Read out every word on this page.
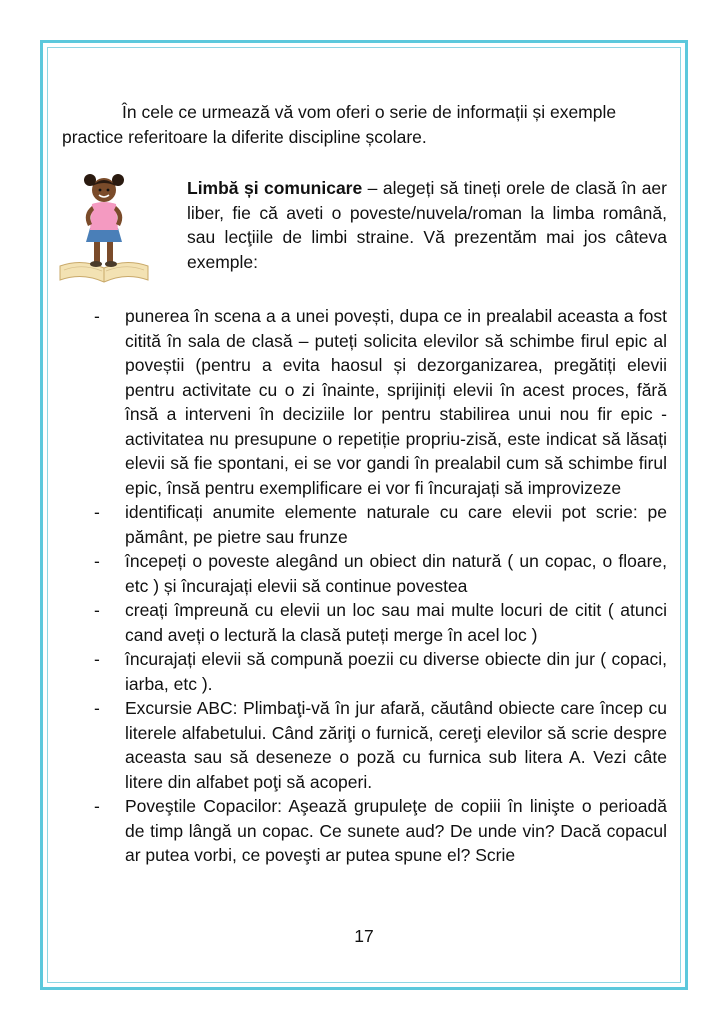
În cele ce urmează vă vom oferi o serie de informații și exemple
practice referitoare la diferite discipline școlare.
Limbă și comunicare – alegeți să tineți orele de clasă în aer liber, fie că aveti o poveste/nuvela/roman la limba română, sau lecţiile de limbi straine. Vă prezentăm mai jos câteva exemple:
- punerea în scena a a unei povești, dupa ce in prealabil aceasta a fost citită în sala de clasă – puteți solicita elevilor să schimbe firul epic al poveștii (pentru a evita haosul și dezorganizarea, pregătiți elevii pentru activitate cu o zi înainte, sprijiniți elevii în acest proces, fără însă a interveni în deciziile lor pentru stabilirea unui nou fir epic - activitatea nu presupune o repetiție propriu-zisă, este indicat să lăsați elevii să fie spontani, ei se vor gandi în prealabil cum să schimbe firul epic, însă pentru exemplificare ei vor fi încurajați să improvizeze
- identificați anumite elemente naturale cu care elevii pot scrie: pe pământ, pe pietre sau frunze
- începeți o poveste alegând un obiect din natură ( un copac, o floare, etc ) și încurajați elevii să continue povestea
- creați împreună cu elevii un loc sau mai multe locuri de citit ( atunci cand aveți o lectură la clasă puteți merge în acel loc )
- încurajați elevii să compună poezii cu diverse obiecte din jur ( copaci, iarba, etc ).
- Excursie ABC: Plimbaţi-vă în jur afară, căutând obiecte care încep cu literele alfabetului. Când zăriţi o furnică, cereţi elevilor să scrie despre aceasta sau să deseneze o poză cu furnica sub litera A. Vezi câte litere din alfabet poţi să acoperi.
- Poveştile Copacilor: Aşează grupuleţe de copiii în linişte o perioadă de timp lângă un copac. Ce sunete aud? De unde vin? Dacă copacul ar putea vorbi, ce poveşti ar putea spune el? Scrie
17
